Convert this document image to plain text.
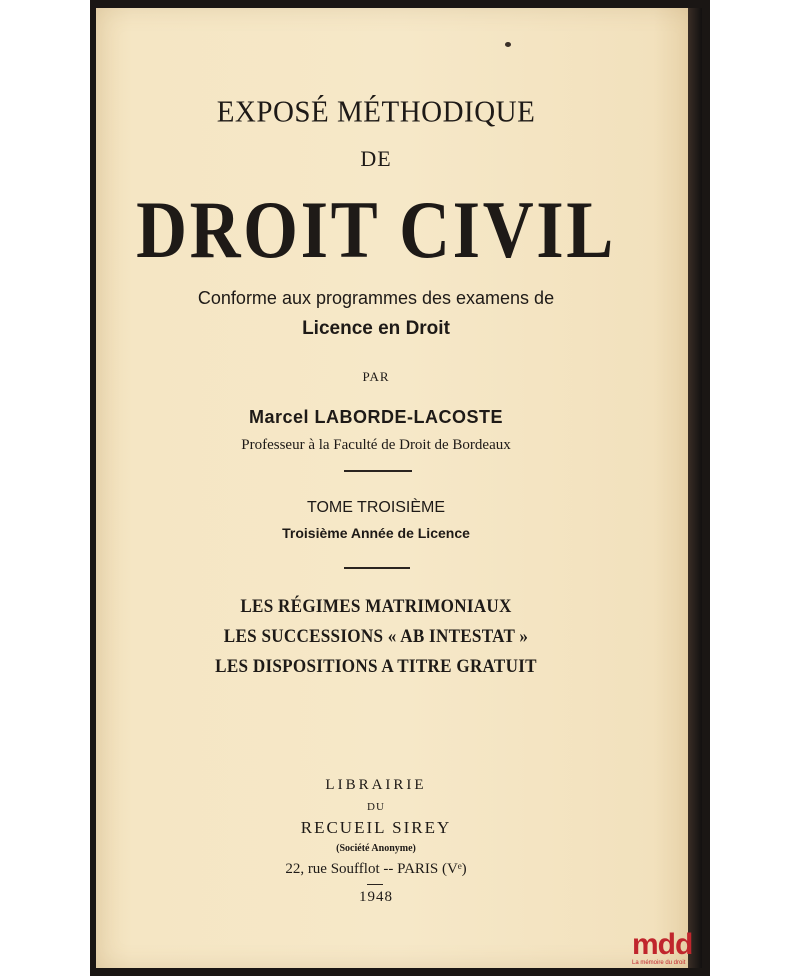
EXPOSÉ MÉTHODIQUE
DE
DROIT CIVIL
Conforme aux programmes des examens de
Licence en Droit
PAR
Marcel LABORDE-LACOSTE
Professeur à la Faculté de Droit de Bordeaux
TOME TROISIÈME
Troisième Année de Licence
LES RÉGIMES MATRIMONIAUX
LES SUCCESSIONS « AB INTESTAT »
LES DISPOSITIONS A TITRE GRATUIT
LIBRAIRIE
DU
RECUEIL SIREY
(Société Anonyme)
22, rue Soufflot -- PARIS (Vᵉ)
1948
mdd
La mémoire du droit
